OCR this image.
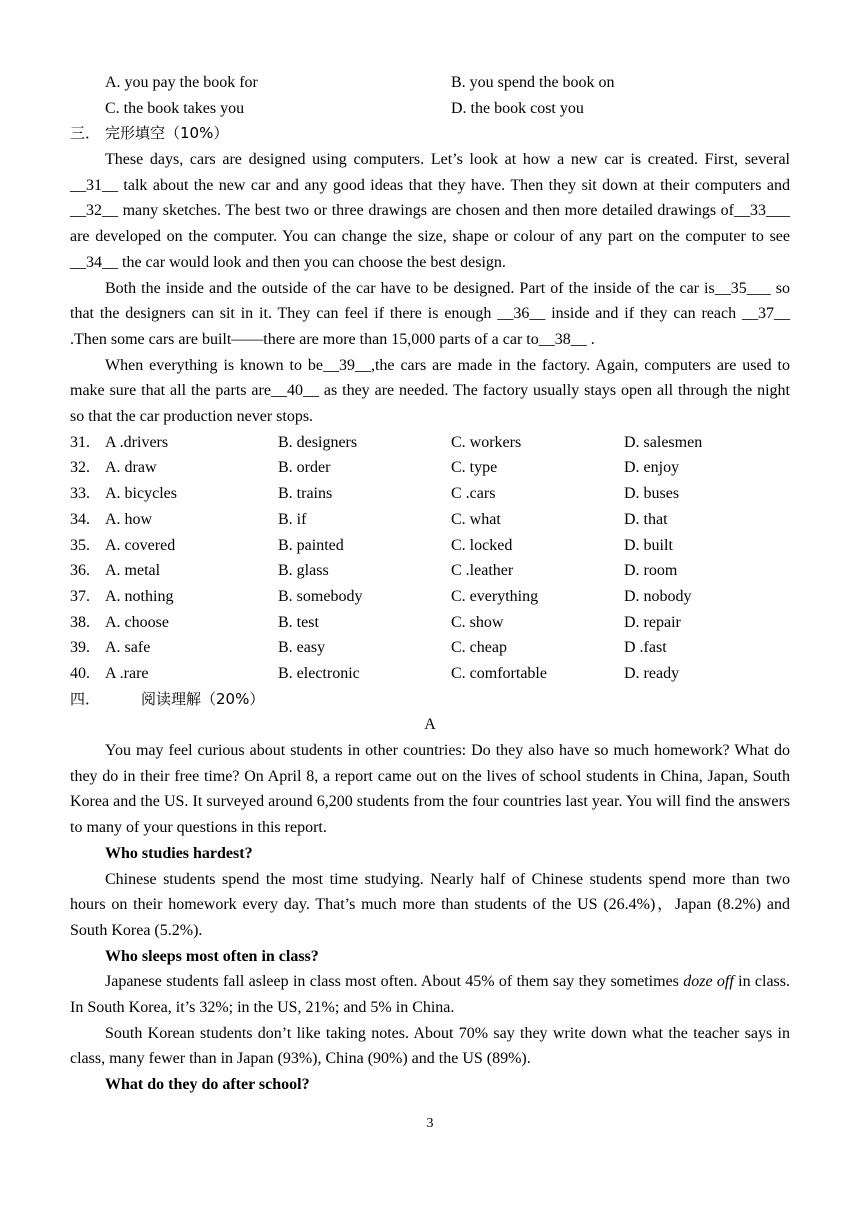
A. you pay the book for	B. you spend the book on
C. the book takes you	D. the book cost you
三． 完形填空（10%）

These days, cars are designed using computers. Let’s look at how a new car is created. First, several __31__ talk about the new car and any good ideas that they have. Then they sit down at their computers and __32__ many sketches. The best two or three drawings are chosen and then more detailed drawings of__33___ are developed on the computer. You can change the size, shape or colour of any part on the computer to see __34__ the car would look and then you can choose the best design.

Both the inside and the outside of the car have to be designed. Part of the inside of the car is__35___ so that the designers can sit in it. They can feel if there is enough __36__ inside and if they can reach __37__ .Then some cars are built——there are more than 15,000 parts of a car to__38__ .

When everything is known to be__39__,the cars are made in the factory. Again, computers are used to make sure that all the parts are__40__ as they are needed. The factory usually stays open all through the night so that the car production never stops.

31. A .drivers	B. designers	C. workers	D. salesmen
32. A. draw	B. order	C. type	D. enjoy
33. A. bicycles	B. trains	C .cars	D. buses
34. A. how	B. if	C. what	D. that
35. A. covered	B. painted	C. locked	D. built
36. A. metal	B. glass	C .leather	D. room
37. A. nothing	B. somebody	C. everything	D. nobody
38. A. choose	B. test	C. show	D. repair
39. A. safe	B. easy	C. cheap	D .fast
40. A .rare	B. electronic	C. comfortable	D. ready
四．	阅读理解（20%）
A

You may feel curious about students in other countries: Do they also have so much homework? What do they do in their free time? On April 8, a report came out on the lives of school students in China, Japan, South Korea and the US. It surveyed around 6,200 students from the four countries last year. You will find the answers to many of your questions in this report.

Who studies hardest?

Chinese students spend the most time studying. Nearly half of Chinese students spend more than two hours on their homework every day. That’s much more than students of the US (26.4%)，Japan (8.2%) and South Korea (5.2%).

Who sleeps most often in class?

Japanese students fall asleep in class most often. About 45% of them say they sometimes doze off in class. In South Korea, it’s 32%; in the US, 21%; and 5% in China.

South Korean students don’t like taking notes. About 70% say they write down what the teacher says in class, many fewer than in Japan (93%), China (90%) and the US (89%).

What do they do after school?
3
